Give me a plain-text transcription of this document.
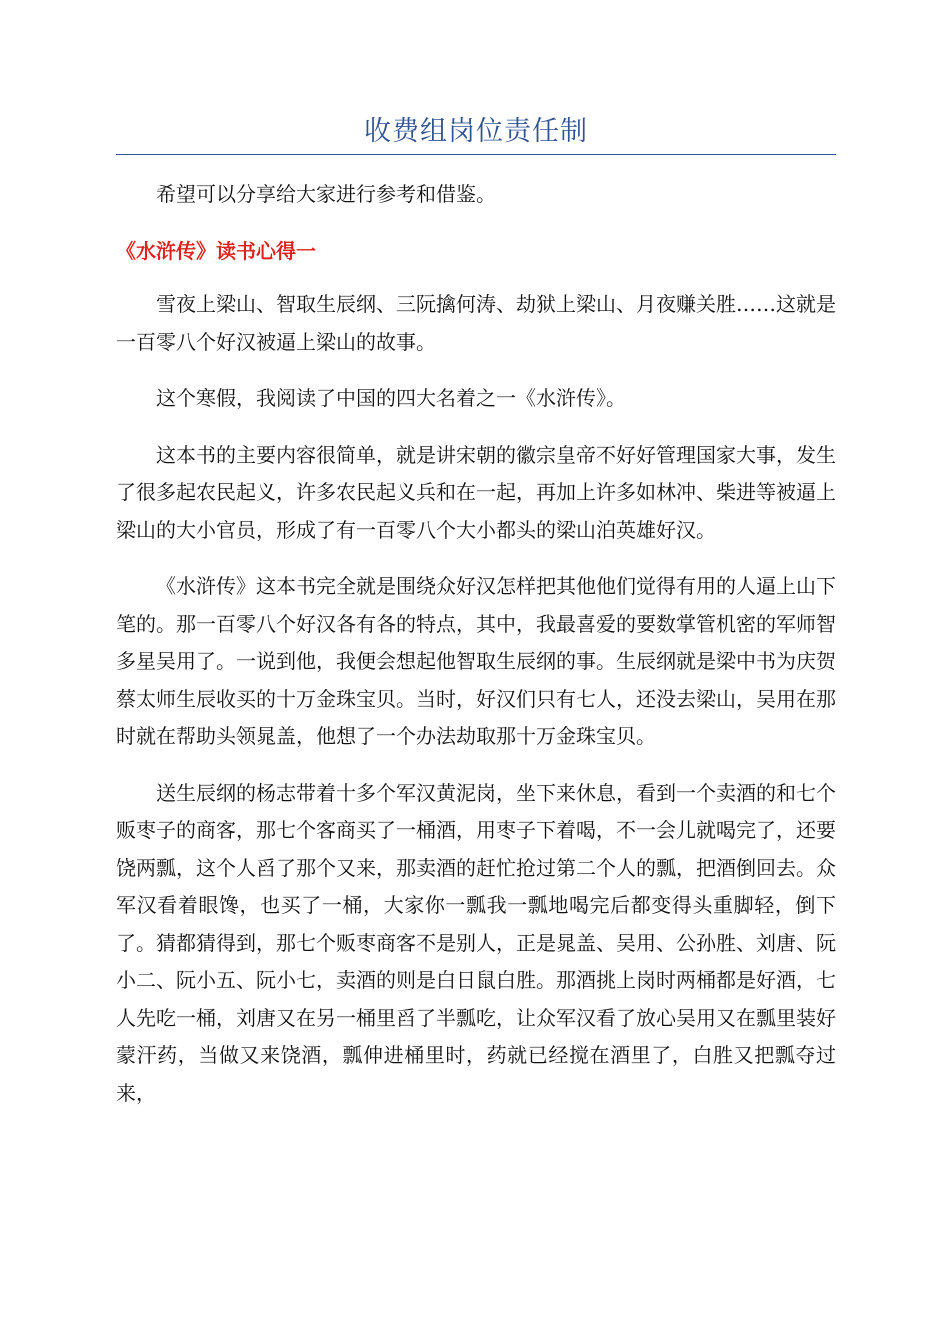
收费组岗位责任制

希望可以分享给大家进行参考和借鉴。

《水浒传》读书心得一

雪夜上梁山、智取生辰纲、三阮擒何涛、劫狱上梁山、月夜赚关胜……这就是一百零八个好汉被逼上梁山的故事。

这个寒假，我阅读了中国的四大名着之一《水浒传》。

这本书的主要内容很简单，就是讲宋朝的徽宗皇帝不好好管理国家大事，发生了很多起农民起义，许多农民起义兵和在一起，再加上许多如林冲、柴进等被逼上梁山的大小官员，形成了有一百零八个大小都头的梁山泊英雄好汉。

《水浒传》这本书完全就是围绕众好汉怎样把其他他们觉得有用的人逼上山下笔的。那一百零八个好汉各有各的特点，其中，我最喜爱的要数掌管机密的军师智多星吴用了。一说到他，我便会想起他智取生辰纲的事。生辰纲就是梁中书为庆贺蔡太师生辰收买的十万金珠宝贝。当时，好汉们只有七人，还没去梁山，吴用在那时就在帮助头领晁盖，他想了一个办法劫取那十万金珠宝贝。

送生辰纲的杨志带着十多个军汉黄泥岗，坐下来休息，看到一个卖酒的和七个贩枣子的商客，那七个客商买了一桶酒，用枣子下着喝，不一会儿就喝完了，还要饶两瓢，这个人舀了那个又来，那卖酒的赶忙抢过第二个人的瓢，把酒倒回去。众军汉看着眼馋，也买了一桶，大家你一瓢我一瓢地喝完后都变得头重脚轻，倒下了。猜都猜得到，那七个贩枣商客不是别人，正是晁盖、吴用、公孙胜、刘唐、阮小二、阮小五、阮小七，卖酒的则是白日鼠白胜。那酒挑上岗时两桶都是好酒，七人先吃一桶，刘唐又在另一桶里舀了半瓢吃，让众军汉看了放心吴用又在瓢里装好蒙汗药，当做又来饶酒，瓢伸进桶里时，药就已经搅在酒里了，白胜又把瓢夺过来，
